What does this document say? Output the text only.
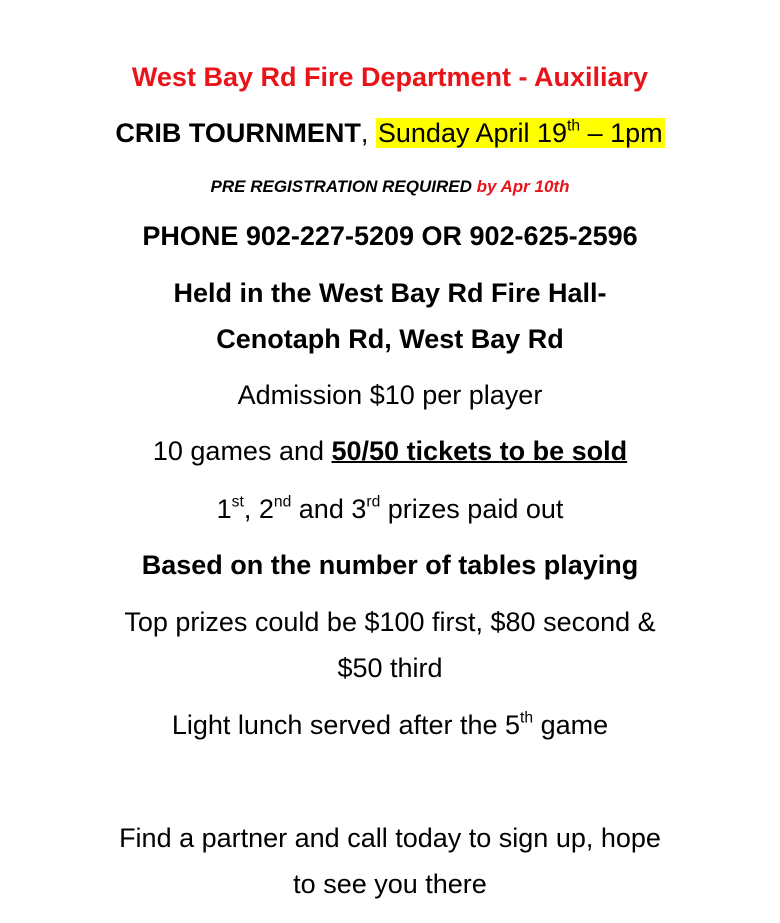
West Bay Rd Fire Department - Auxiliary
CRIB TOURNMENT, Sunday April 19th – 1pm
PRE REGISTRATION REQUIRED by Apr 10th
PHONE 902-227-5209 OR 902-625-2596
Held in the West Bay Rd Fire Hall-
Cenotaph Rd, West Bay Rd
Admission $10 per player
10 games and 50/50 tickets to be sold
1st, 2nd and 3rd prizes paid out
Based on the number of tables playing
Top prizes could be $100 first, $80 second &
$50 third
Light lunch served after the 5th game
Find a partner and call today to sign up, hope
to see you there
